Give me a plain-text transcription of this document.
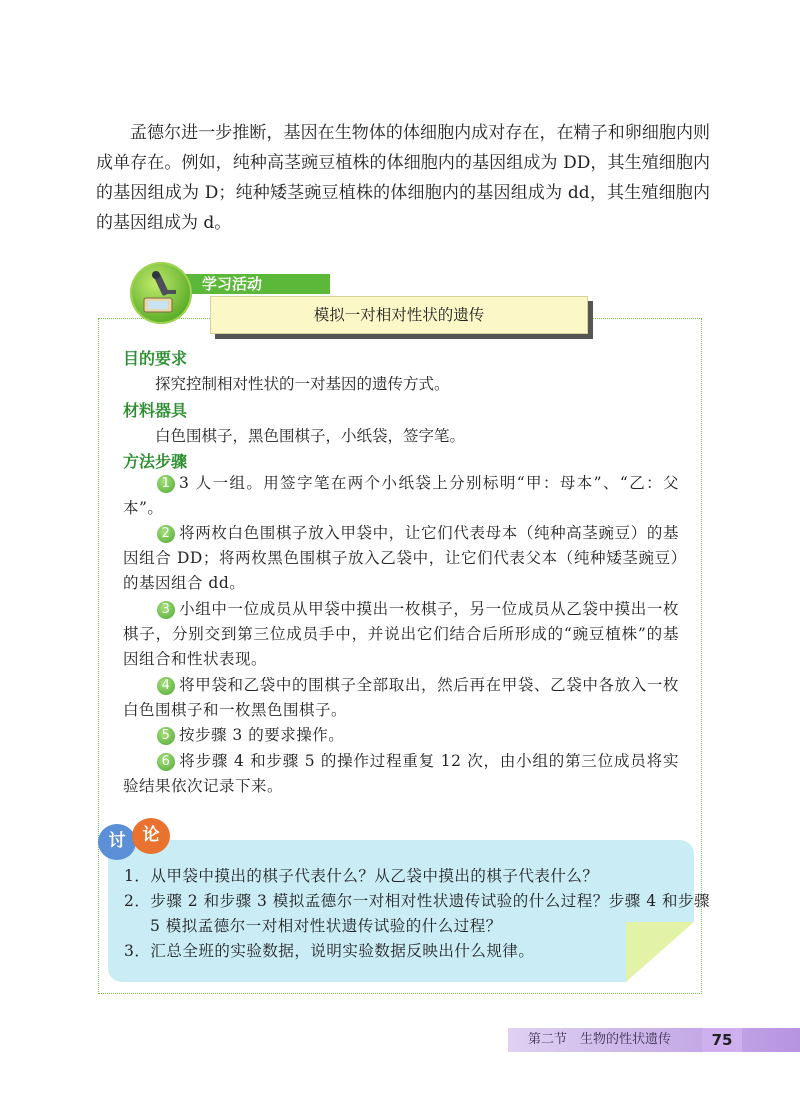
孟德尔进一步推断，基因在生物体的体细胞内成对存在，在精子和卵细胞内则成单存在。例如，纯种高茎豌豆植株的体细胞内的基因组成为 DD，其生殖细胞内的基因组成为 D；纯种矮茎豌豆植株的体细胞内的基因组成为 dd，其生殖细胞内的基因组成为 d。

学习活动
模拟一对相对性状的遗传
目的要求

探究控制相对性状的一对基因的遗传方式。

材料器具

白色围棋子，黑色围棋子，小纸袋，签字笔。

方法步骤

1 3 人一组。用签字笔在两个小纸袋上分别标明“甲：母本”、“乙：父本”。

2 将两枚白色围棋子放入甲袋中，让它们代表母本（纯种高茎豌豆）的基因组合 DD；将两枚黑色围棋子放入乙袋中，让它们代表父本（纯种矮茎豌豆）的基因组合 dd。

3 小组中一位成员从甲袋中摸出一枚棋子，另一位成员从乙袋中摸出一枚棋子，分别交到第三位成员手中，并说出它们结合后所形成的“豌豆植株”的基因组合和性状表现。

4 将甲袋和乙袋中的围棋子全部取出，然后再在甲袋、乙袋中各放入一枚白色围棋子和一枚黑色围棋子。

5 按步骤 3 的要求操作。

6 将步骤 4 和步骤 5 的操作过程重复 12 次，由小组的第三位成员将实验结果依次记录下来。

讨	论

1．从甲袋中摸出的棋子代表什么？从乙袋中摸出的棋子代表什么？

2．步骤 2 和步骤 3 模拟孟德尔一对相对性状遗传试验的什么过程？步骤 4 和步骤 5 模拟孟德尔一对相对性状遗传试验的什么过程？

3．汇总全班的实验数据，说明实验数据反映出什么规律。

第二节　生物的性状遗传	75
